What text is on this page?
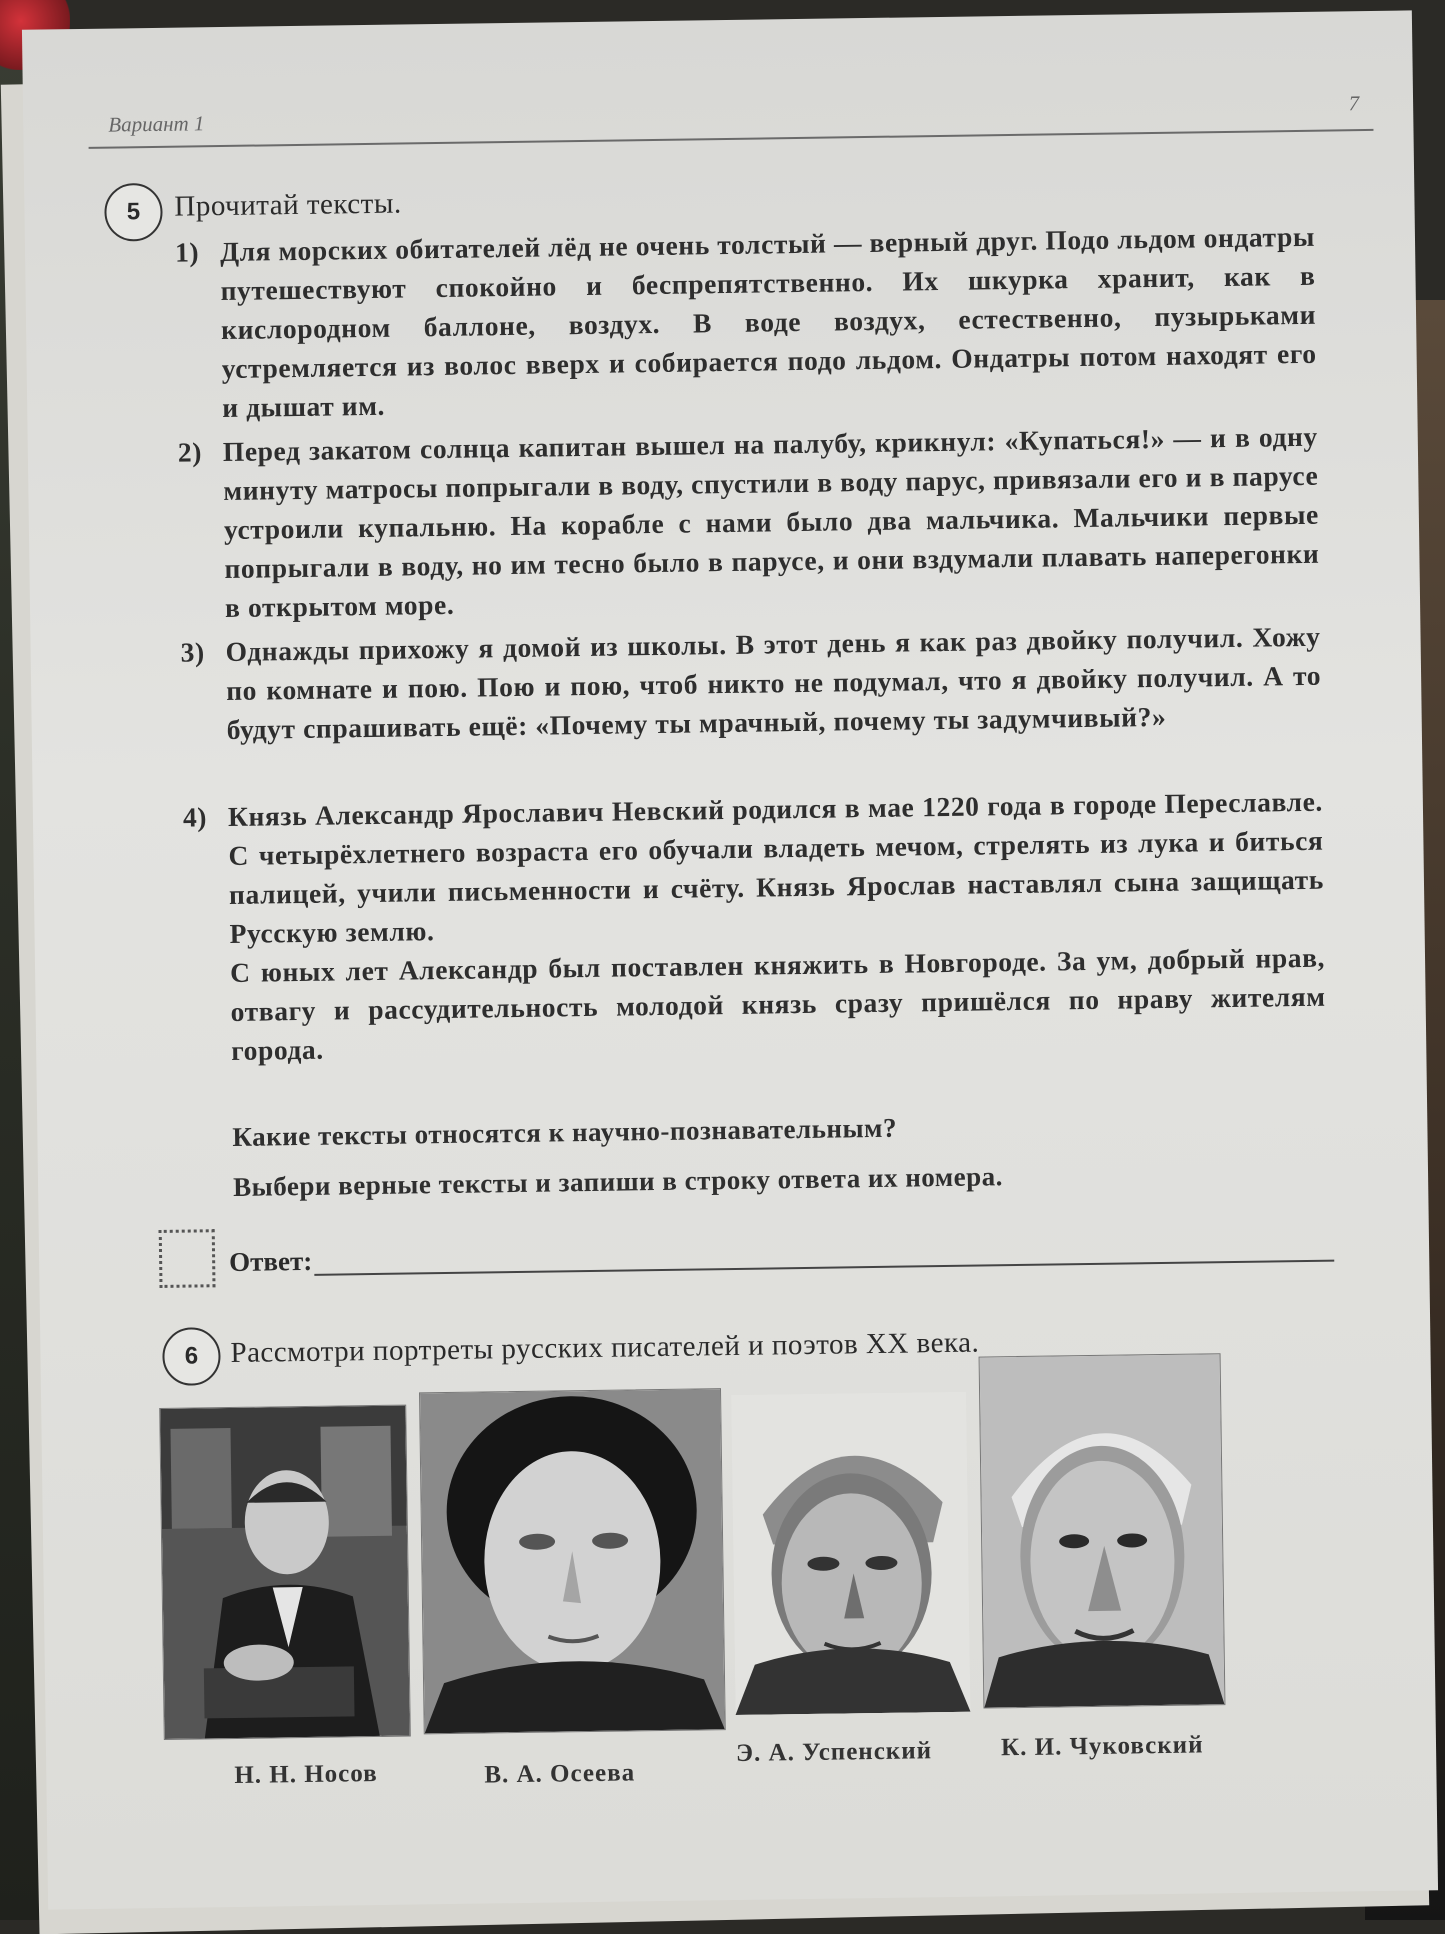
Вариант 1
7
5	Прочитай тексты.
1) Для морских обитателей лёд не очень толстый — верный друг. Подо льдом ондатры путешествуют спокойно и беспрепятственно. Их шкурка хранит, как в кислородном баллоне, воздух. В воде воздух, естественно, пузырьками устремляется из волос вверх и собирается подо льдом. Ондатры потом находят его и дышат им.

2) Перед закатом солнца капитан вышел на палубу, крикнул: «Купаться!» — и в одну минуту матросы попрыгали в воду, спустили в воду парус, привязали его и в парусе устроили купальню. На корабле с нами было два мальчика. Мальчики первые попрыгали в воду, но им тесно было в парусе, и они вздумали плавать наперегонки в открытом море.

3) Однажды прихожу я домой из школы. В этот день я как раз двойку получил. Хожу по комнате и пою. Пою и пою, чтоб никто не подумал, что я двойку получил. А то будут спрашивать ещё: «Почему ты мрачный, почему ты задумчивый?»

4) Князь Александр Ярославич Невский родился в мае 1220 года в городе Переславле. С четырёхлетнего возраста его обучали владеть мечом, стрелять из лука и биться палицей, учили письменности и счёту. Князь Ярослав наставлял сына защищать Русскую землю.

С юных лет Александр был поставлен княжить в Новгороде. За ум, добрый нрав, отвагу и рассудительность молодой князь сразу пришёлся по нраву жителям города.

Какие тексты относятся к научно-познавательным?
Выбери верные тексты и запиши в строку ответа их номера.
Ответ:
6	Рассмотри портреты русских писателей и поэтов XX века.
Н. Н. Носов	В. А. Осеева
Э. А. Успенский	К. И. Чуковский
